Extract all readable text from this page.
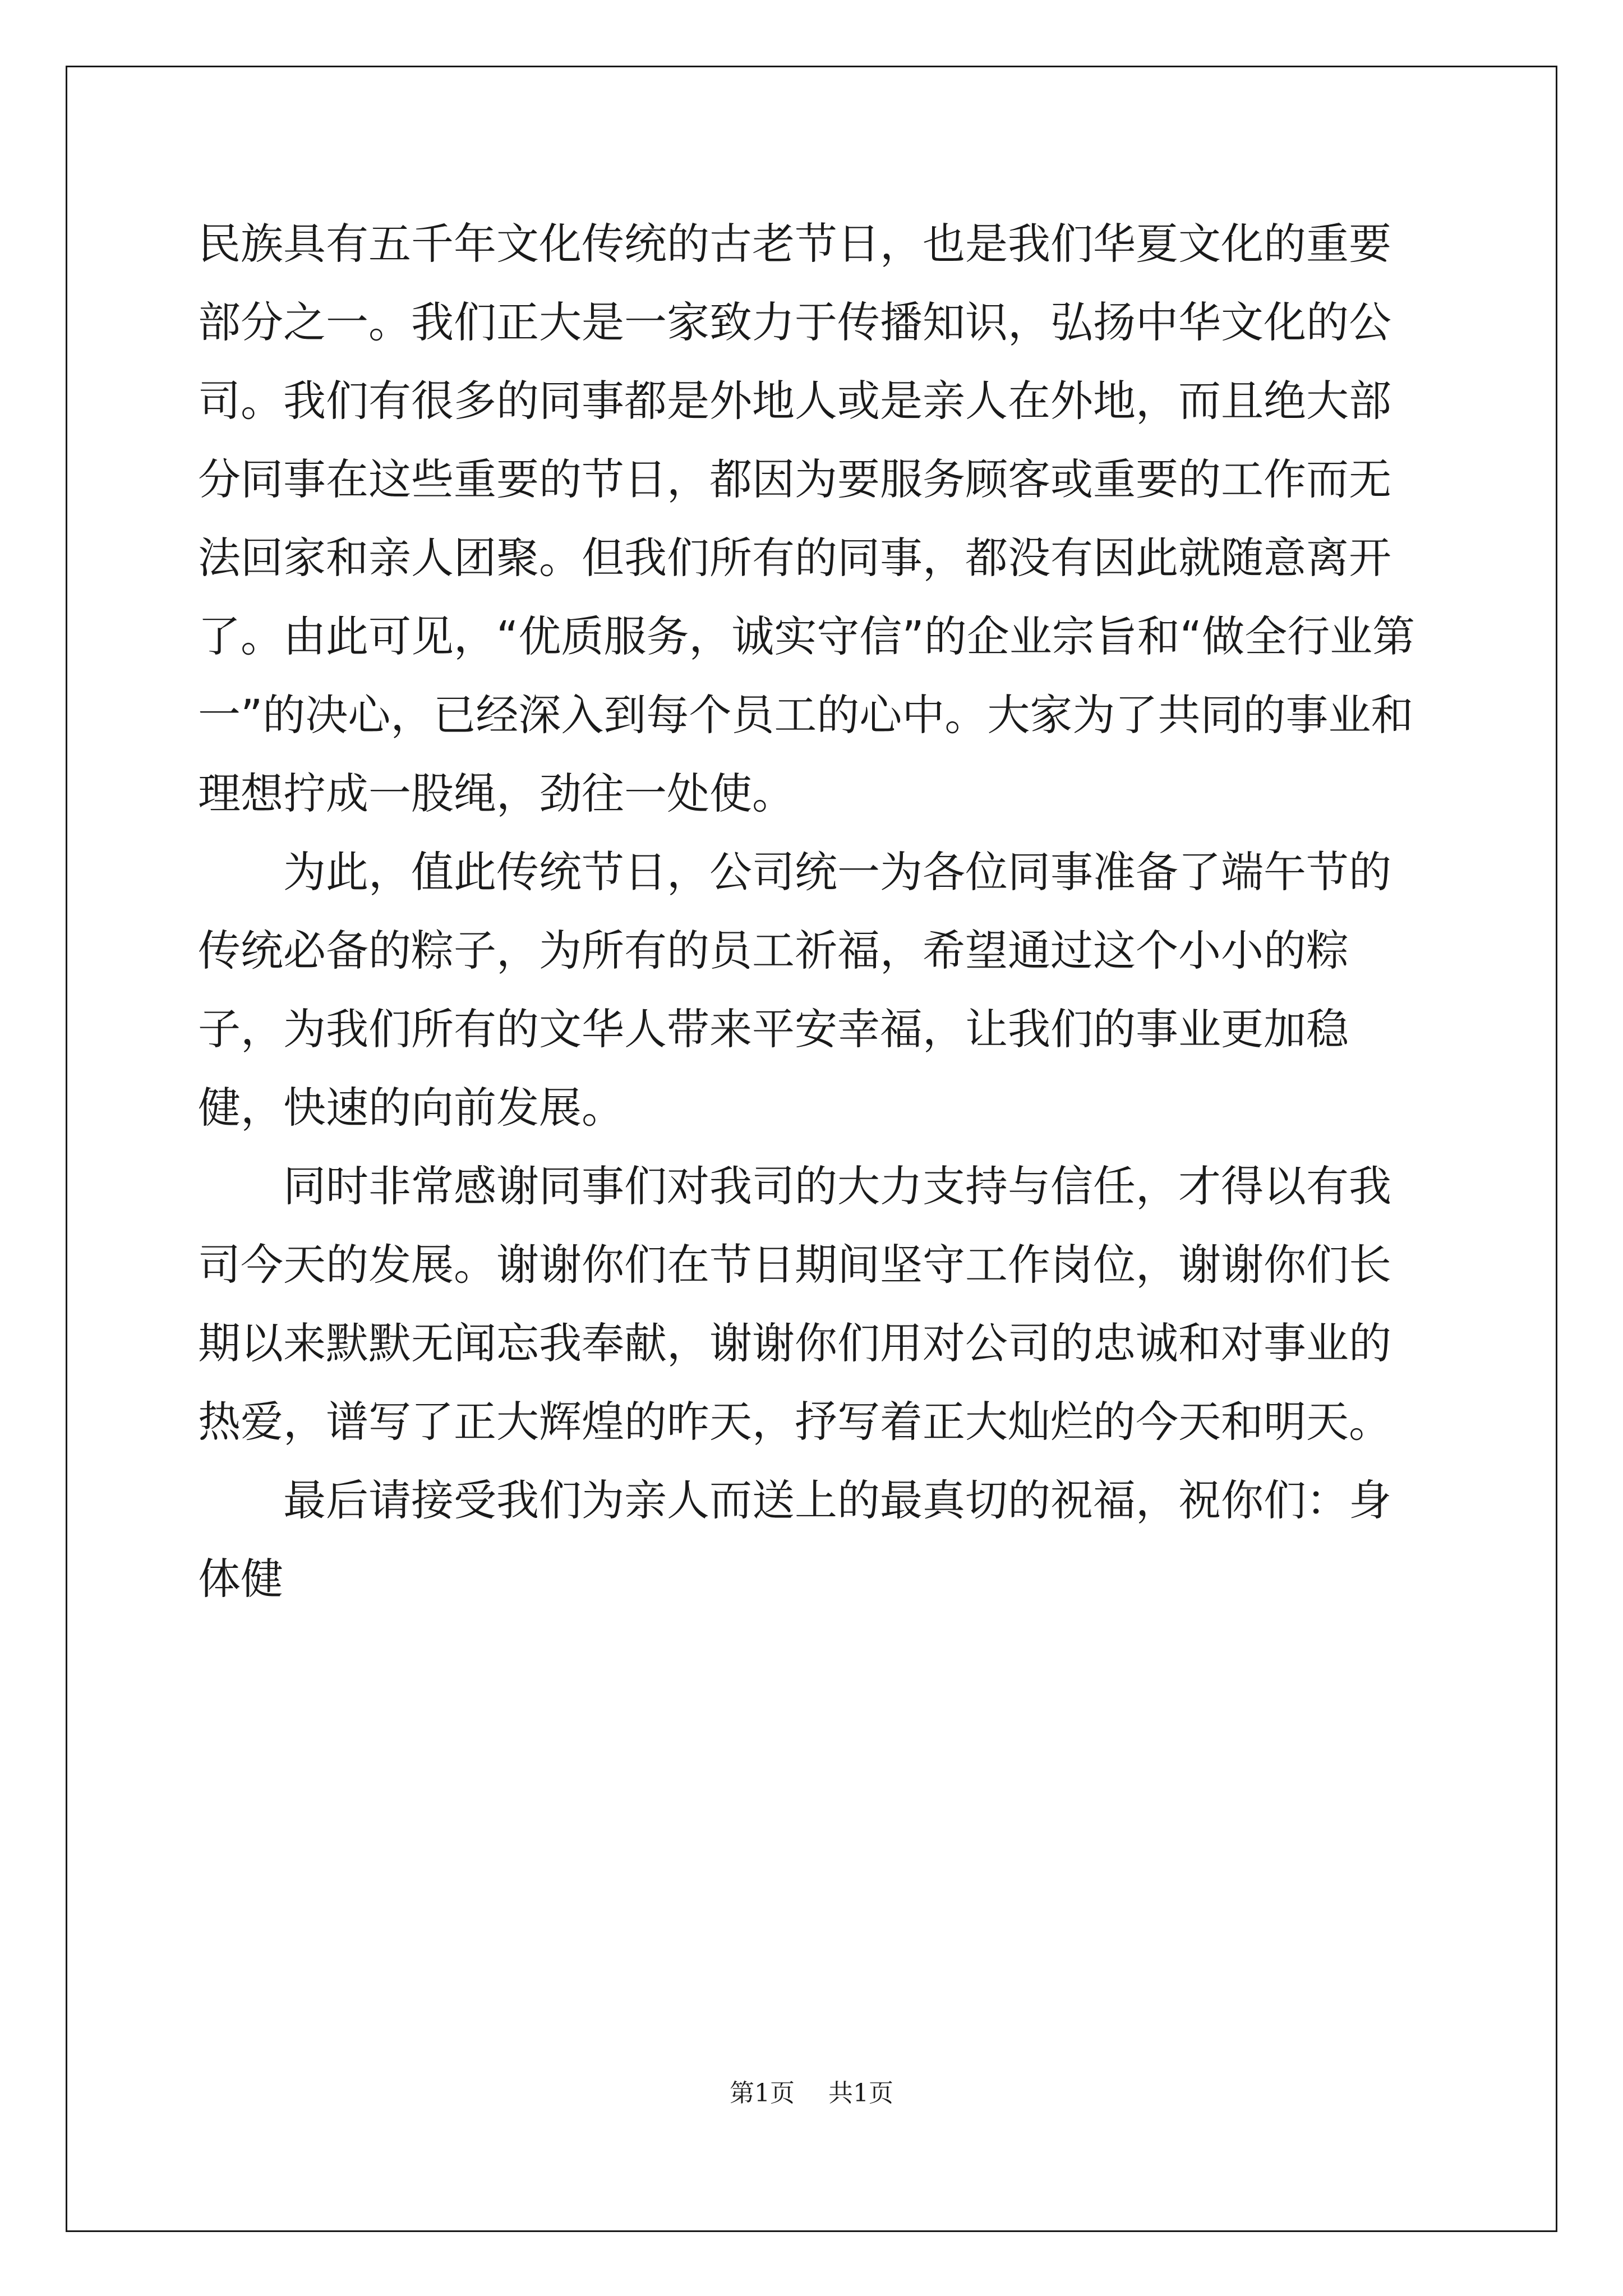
民族具有五千年文化传统的古老节日，也是我们华夏文化的重要部分之一。我们正大是一家致力于传播知识，弘扬中华文化的公司。我们有很多的同事都是外地人或是亲人在外地，而且绝大部分同事在这些重要的节日，都因为要服务顾客或重要的工作而无法回家和亲人团聚。但我们所有的同事，都没有因此就随意离开了。由此可见，“优质服务，诚实守信”的企业宗旨和“做全行业第一”的决心，已经深入到每个员工的心中。大家为了共同的事业和理想拧成一股绳，劲往一处使。

　　为此，值此传统节日，公司统一为各位同事准备了端午节的传统必备的粽子，为所有的员工祈福，希望通过这个小小的粽子，为我们所有的文华人带来平安幸福，让我们的事业更加稳健，快速的向前发展。

　　同时非常感谢同事们对我司的大力支持与信任，才得以有我司今天的发展。谢谢你们在节日期间坚守工作岗位，谢谢你们长期以来默默无闻忘我奉献，谢谢你们用对公司的忠诚和对事业的热爱，谱写了正大辉煌的昨天，抒写着正大灿烂的今天和明天。

　　最后请接受我们为亲人而送上的最真切的祝福，祝你们：身体健

第1页 共1页
